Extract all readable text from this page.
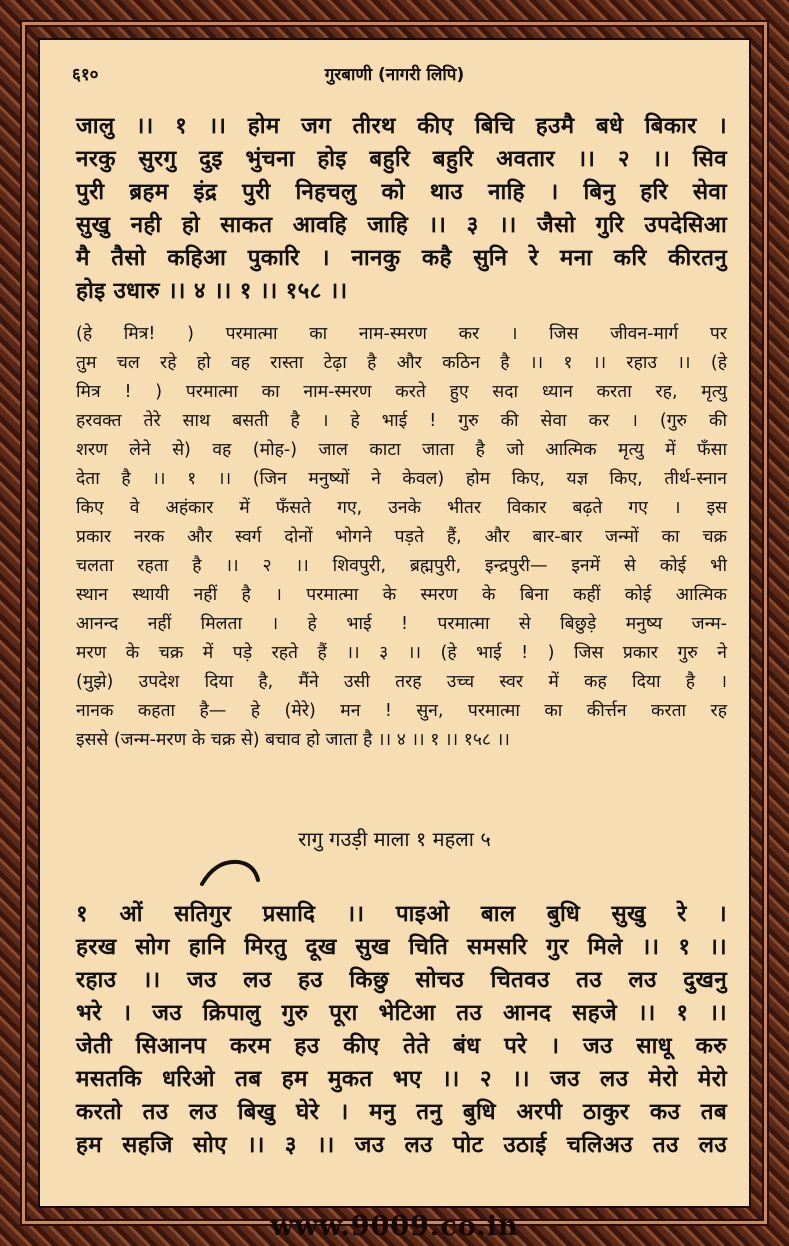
६१०	गुरबाणी (नागरी लिपि)
जालु ।। १ ।। होम जग तीरथ कीए बिचि हउमै बधे बिकार ।
नरकु सुरगु दुइ भुंचना होइ बहुरि बहुरि अवतार ।। २ ।। सिव
पुरी ब्रहम इंद्र पुरी निहचलु को थाउ नाहि । बिनु हरि सेवा
सुखु नही हो साकत आवहि जाहि ।। ३ ।। जैसो गुरि उपदेसिआ
मै तैसो कहिआ पुकारि । नानकु कहै सुनि रे मना करि कीरतनु
होइ उधारु ।। ४ ।। १ ।। १५८ ।।
(हे मित्र! ) परमात्मा का नाम-स्मरण कर । जिस जीवन-मार्ग पर
तुम चल रहे हो वह रास्ता टेढ़ा है और कठिन है ।। १ ।। रहाउ ।। (हे
मित्र ! ) परमात्मा का नाम-स्मरण करते हुए सदा ध्यान करता रह, मृत्यु
हरवक्त तेरे साथ बसती है । हे भाई ! गुरु की सेवा कर । (गुरु की
शरण लेने से) वह (मोह-) जाल काटा जाता है जो आत्मिक मृत्यु में फँसा
देता है ।। १ ।। (जिन मनुष्यों ने केवल) होम किए, यज्ञ किए, तीर्थ-स्नान
किए वे अहंकार में फँसते गए, उनके भीतर विकार बढ़ते गए । इस
प्रकार नरक और स्वर्ग दोनों भोगने पड़ते हैं, और बार-बार जन्मों का चक्र
चलता रहता है ।। २ ।। शिवपुरी, ब्रह्मपुरी, इन्द्रपुरी— इनमें से कोई भी
स्थान स्थायी नहीं है । परमात्मा के स्मरण के बिना कहीं कोई आत्मिक
आनन्द नहीं मिलता । हे भाई ! परमात्मा से बिछुड़े मनुष्य जन्म-
मरण के चक्र में पड़े रहते हैं ।। ३ ।। (हे भाई ! ) जिस प्रकार गुरु ने
(मुझे) उपदेश दिया है, मैंने उसी तरह उच्च स्वर में कह दिया है ।
नानक कहता है— हे (मेरे) मन ! सुन, परमात्मा का कीर्त्तन करता रह
इससे (जन्म-मरण के चक्र से) बचाव हो जाता है ।। ४ ।। १ ।। १५८ ।।
रागु गउड़ी माला १ महला ५
१ ओं सतिगुर प्रसादि ।। पाइओ बाल बुधि सुखु रे ।
हरख सोग हानि मिरतु दूख सुख चिति समसरि गुर मिले ।। १ ।।
रहाउ ।। जउ लउ हउ किछु सोचउ चितवउ तउ लउ दुखनु
भरे । जउ क्रिपालु गुरु पूरा भेटिआ तउ आनद सहजे ।। १ ।।
जेती सिआनप करम हउ कीए तेते बंध परे । जउ साधू करु
मसतकि धरिओ तब हम मुकत भए ।। २ ।। जउ लउ मेरो मेरो
करतो तउ लउ बिखु घेरे । मनु तनु बुधि अरपी ठाकुर कउ तब
हम सहजि सोए ।। ३ ।। जउ लउ पोट उठाई चलिअउ तउ लउ
www.9009.co.in
